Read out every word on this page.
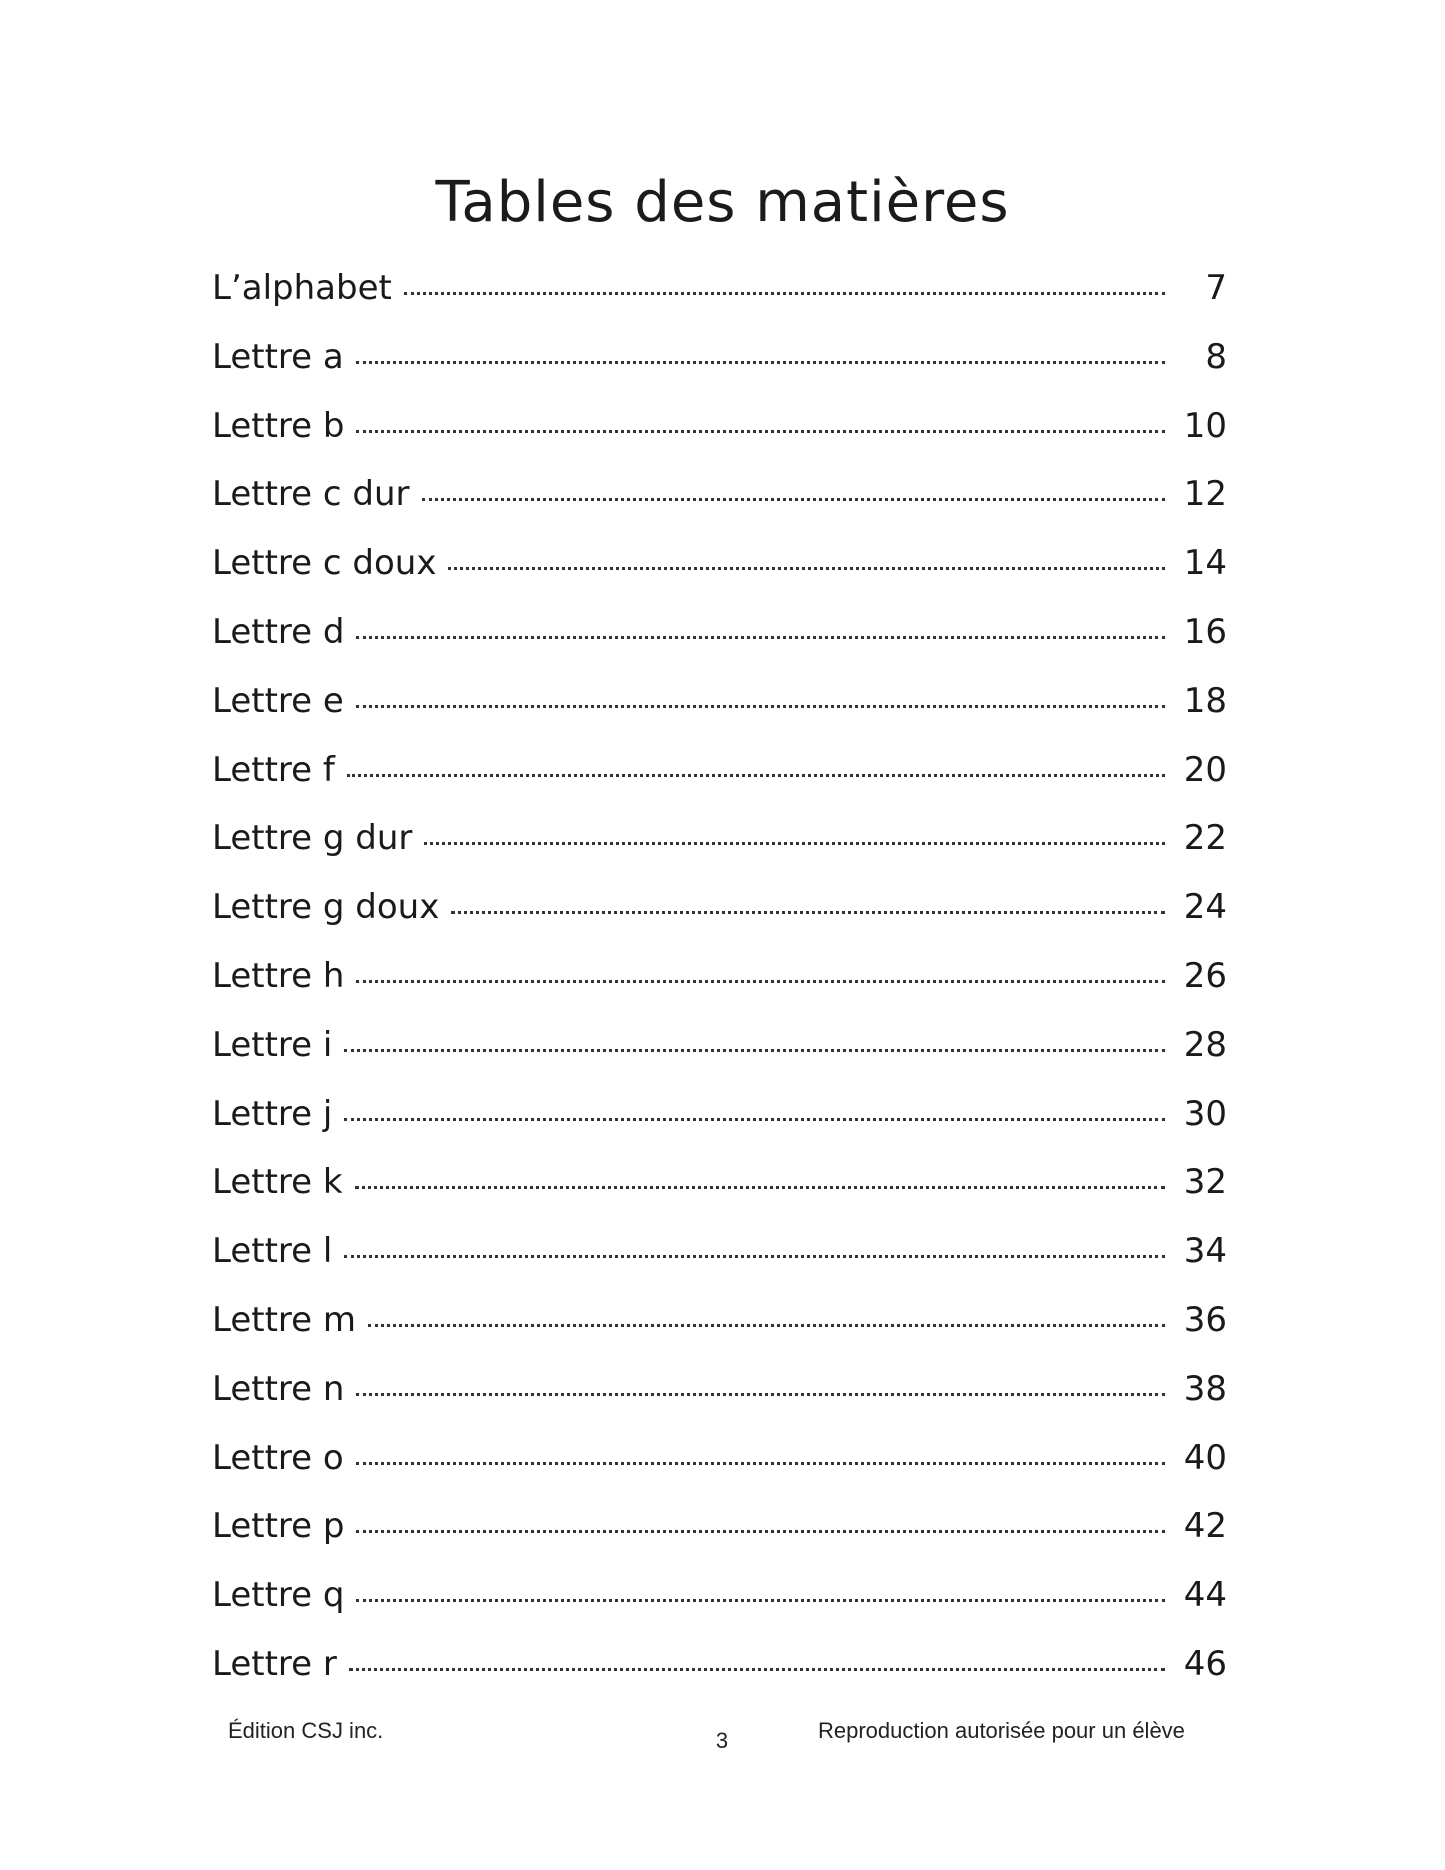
Tables des matières
L’alphabet	7
Lettre a	8
Lettre b	10
Lettre c dur	12
Lettre c doux	14
Lettre d	16
Lettre e	18
Lettre f	20
Lettre g dur	22
Lettre g doux	24
Lettre h	26
Lettre i	28
Lettre j	30
Lettre k	32
Lettre l	34
Lettre m	36
Lettre n	38
Lettre o	40
Lettre p	42
Lettre q	44
Lettre r	46
Édition CSJ inc.	3	Reproduction autorisée pour un élève
